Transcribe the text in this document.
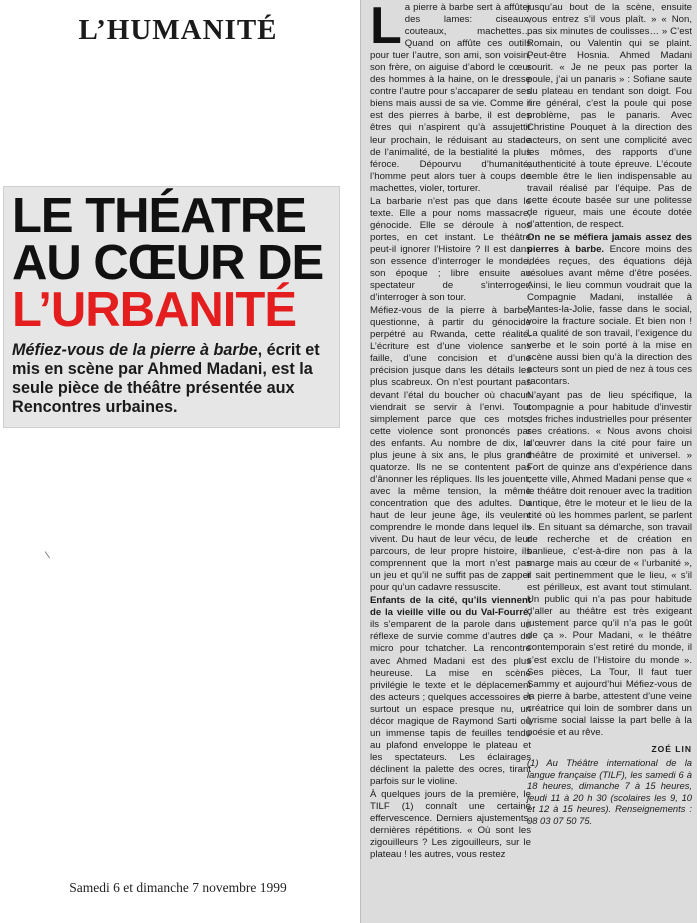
L’HUMANITÉ
LE THÉATRE
AU CŒUR DE
L’URBANITÉ
Méfiez-vous de la pierre à barbe, écrit et mis en scène par Ahmed Madani, est la seule pièce de théâtre présentée aux Rencontres urbaines.
Samedi 6 et dimanche 7 novembre 1999

La pierre à barbe sert à affûter des lames: ciseaux, couteaux, machettes… Quand on affûte ces outils pour tuer l’autre, son ami, son voisin, son frère, on aiguise d’abord le cœur des hommes à la haine, on le dresse contre l’autre pour s’accaparer de ses biens mais aussi de sa vie. Comme il est des pierres à barbe, il est des êtres qui n’aspirent qu’à assujettir leur prochain, le réduisant au stade de l’animalité, de la bestialité la plus féroce. Dépourvu d’humanité, l’homme peut alors tuer à coups de machettes, violer, torturer.

La barbarie n’est pas que dans le texte. Elle a pour noms massacre, génocide. Elle se déroule à nos portes, en cet instant. Le théâtre peut-il ignorer l’Histoire ? Il est dans son essence d’interroger le monde, son époque ; libre ensuite au spectateur de s’interroger, d’interroger à son tour.

Méfiez-vous de la pierre à barbe, questionne, à partir du génocide perpétré au Rwanda, cette réalité. L’écriture est d’une violence sans faille, d’une concision et d’une précision jusque dans les détails les plus scabreux. On n’est pourtant pas devant l’étal du boucher où chacun viendrait se servir à l’envi. Tout simplement parce que ces mots, cette violence sont prononcés par des enfants. Au nombre de dix, la plus jeune à six ans, le plus grand quatorze. Ils ne se contentent pas d’ânonner les répliques. Ils les jouent, avec la même tension, la même concentration que des adultes. Du haut de leur jeune âge, ils veulent comprendre le monde dans lequel ils vivent. Du haut de leur vécu, de leur parcours, de leur propre histoire, ils comprennent que la mort n’est pas un jeu et qu’il ne suffit pas de zapper pour qu’un cadavre ressuscite.

Enfants de la cité, qu’ils viennent de la vieille ville ou du Val-Fourré, ils s’emparent de la parole dans un réflexe de survie comme d’autres du micro pour tchatcher. La rencontre avec Ahmed Madani est des plus heureuse. La mise en scène privilégie le texte et le déplacement des acteurs ; quelques accessoires et surtout un espace presque nu, un décor magique de Raymond Sarti où un immense tapis de feuilles tendu au plafond enveloppe le plateau et les spectateurs. Les éclairages déclinent la palette des ocres, tirant parfois sur le violine.

À quelques jours de la première, le TILF (1) connaît une certaine effervescence. Derniers ajustements, dernières répétitions. « Où sont les zigouilleurs ? Les zigouilleurs, sur le plateau ! les autres, vous restez

jusqu’au bout de la scène, ensuite vous entrez s’il vous plaît. » « Non, pas six minutes de coulisses… » C’est Romain, ou Valentin qui se plaint. Peut-être Hosnia. Ahmed Madani sourit. « Je ne peux pas porter la poule, j’ai un panaris » : Sofiane saute du plateau en tendant son doigt. Fou rire général, c’est la poule qui pose problème, pas le panaris. Avec Christine Pouquet à la direction des acteurs, on sent une complicité avec les mômes, des rapports d’une authenticité à toute épreuve. L’écoute semble être le lien indispensable au travail réalisé par l’équipe. Pas de cette écoute basée sur une politesse de rigueur, mais une écoute dotée d’attention, de respect.

On ne se méfiera jamais assez des pierres à barbe. Encore moins des idées reçues, des équations déjà résolues avant même d’être posées. Ainsi, le lieu commun voudrait que la Compagnie Madani, installée à Mantes-la-Jolie, fasse dans le social, voire la fracture sociale. Et bien non ! La qualité de son travail, l’exigence du verbe et le soin porté à la mise en scène aussi bien qu’à la direction des acteurs sont un pied de nez à tous ces racontars.

N’ayant pas de lieu spécifique, la compagnie a pour habitude d’investir des friches industrielles pour présenter ses créations. « Nous avons choisi d’œuvrer dans la cité pour faire un théâtre de proximité et universel. » Fort de quinze ans d’expérience dans cette ville, Ahmed Madani pense que « le théâtre doit renouer avec la tradition antique, être le moteur et le lieu de la cité où les hommes parlent, se parlent ». En situant sa démarche, son travail de recherche et de création en banlieue, c’est-à-dire non pas à la marge mais au cœur de « l’urbanité », il sait pertinemment que le lieu, « s’il est périlleux, est avant tout stimulant. Un public qui n’a pas pour habitude d’aller au théâtre est très exigeant justement parce qu’il n’a pas le goût de ça ». Pour Madani, « le théâtre contemporain s’est retiré du monde, il s’est exclu de l’Histoire du monde ». Ses pièces, La Tour, Il faut tuer Sammy et aujourd’hui Méfiez-vous de la pierre à barbe, attestent d’une veine créatrice qui loin de sombrer dans un lyrisme social laisse la part belle à la poésie et au rêve.

ZOÉ LIN
(1) Au Théâtre international de la langue française (TILF), les samedi 6 à 18 heures, dimanche 7 à 15 heures, jeudi 11 à 20 h 30 (scolaires les 9, 10 et 12 à 15 heures). Renseignements : 08 03 07 50 75.
